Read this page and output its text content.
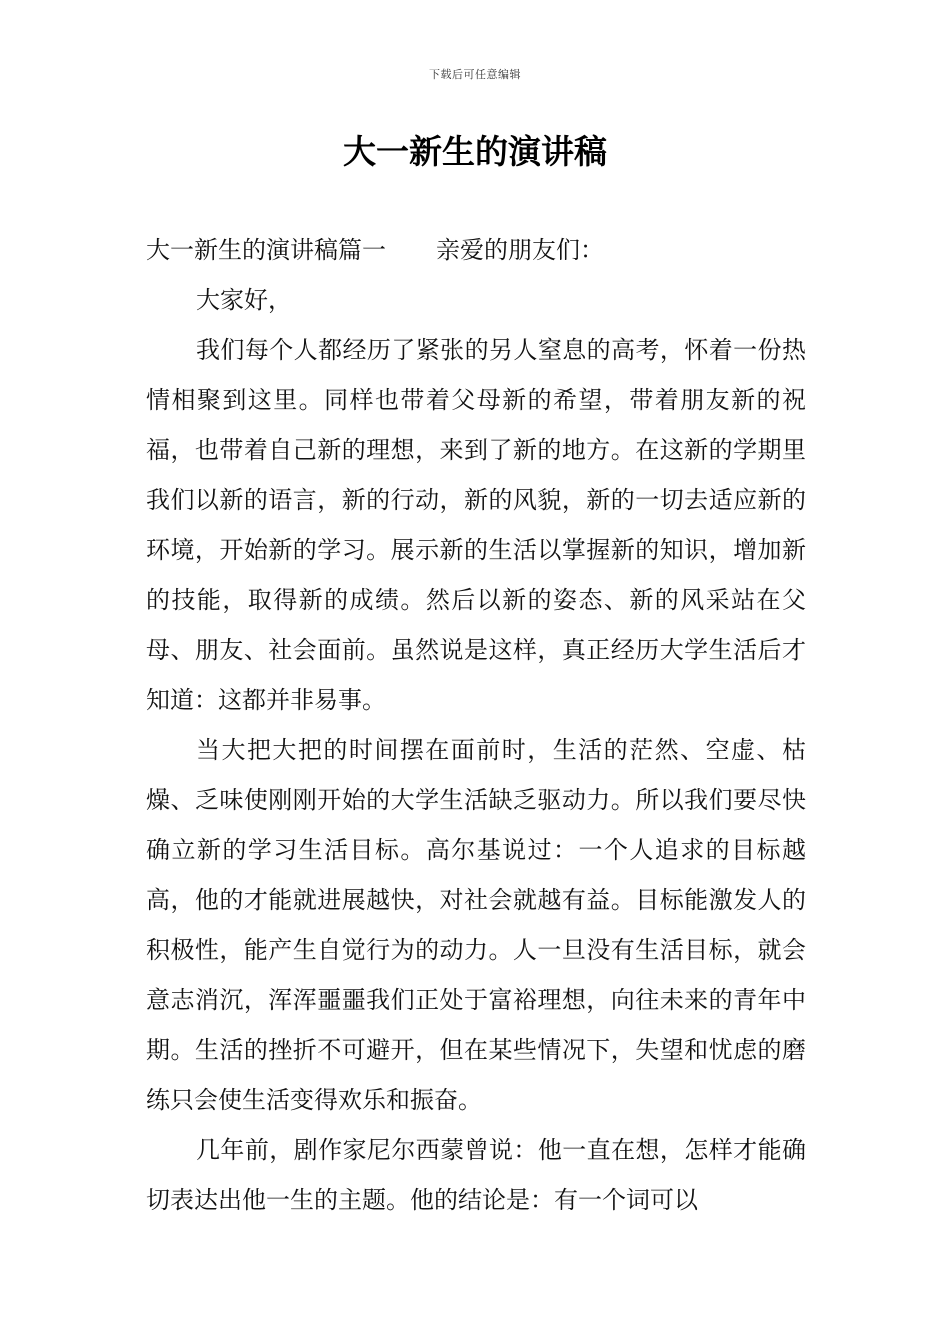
下载后可任意编辑
大一新生的演讲稿

大一新生的演讲稿篇一 亲爱的朋友们：

大家好，

我们每个人都经历了紧张的另人窒息的高考，怀着一份热情相聚到这里。同样也带着父母新的希望，带着朋友新的祝福，也带着自己新的理想，来到了新的地方。在这新的学期里我们以新的语言，新的行动，新的风貌，新的一切去适应新的环境，开始新的学习。展示新的生活以掌握新的知识，增加新的技能，取得新的成绩。然后以新的姿态、新的风采站在父母、朋友、社会面前。虽然说是这样，真正经历大学生活后才知道：这都并非易事。

当大把大把的时间摆在面前时，生活的茫然、空虚、枯燥、乏味使刚刚开始的大学生活缺乏驱动力。所以我们要尽快确立新的学习生活目标。高尔基说过：一个人追求的目标越高，他的才能就进展越快，对社会就越有益。目标能激发人的积极性，能产生自觉行为的动力。人一旦没有生活目标，就会意志消沉，浑浑噩噩我们正处于富裕理想，向往未来的青年中期。生活的挫折不可避开，但在某些情况下，失望和忧虑的磨练只会使生活变得欢乐和振奋。

几年前，剧作家尼尔西蒙曾说：他一直在想，怎样才能确切表达出他一生的主题。他的结论是：有一个词可以
